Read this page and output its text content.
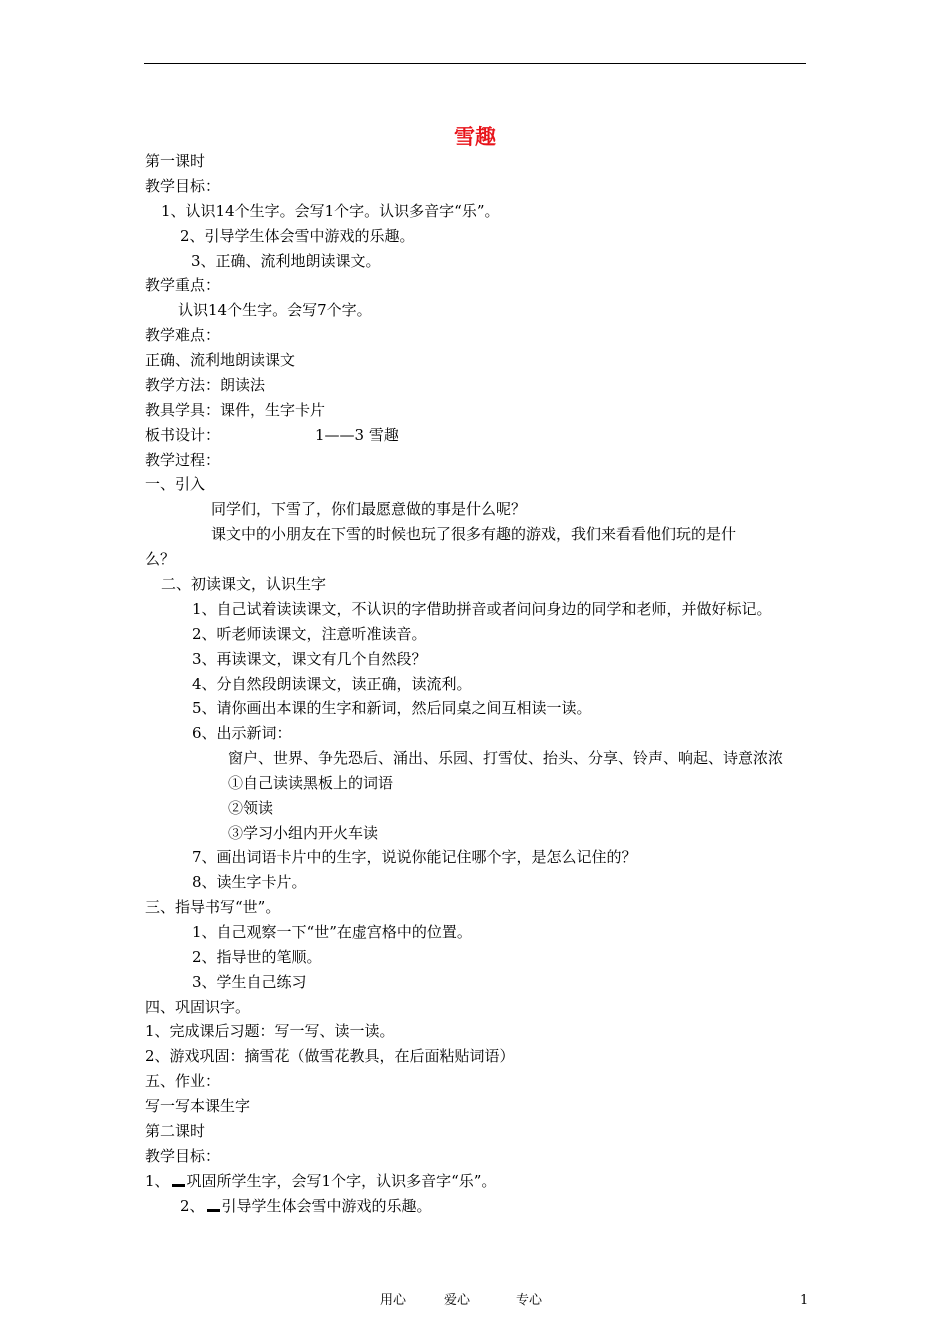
雪趣
第一课时
教学目标：
1、认识14个生字。会写1个字。认识多音字“乐”。
2、引导学生体会雪中游戏的乐趣。
3、正确、流利地朗读课文。
教学重点：
认识14个生字。会写7个字。
教学难点：
正确、流利地朗读课文
教学方法：朗读法
教具学具：课件，生字卡片
板书设计：	1——3 雪趣
教学过程：
一、引入
同学们，下雪了，你们最愿意做的事是什么呢？
课文中的小朋友在下雪的时候也玩了很多有趣的游戏，我们来看看他们玩的是什
么？
二、初读课文，认识生字
1、自己试着读读课文，不认识的字借助拼音或者问问身边的同学和老师，并做好标记。
2、听老师读课文，注意听准读音。
3、再读课文，课文有几个自然段？
4、分自然段朗读课文，读正确，读流利。
5、请你画出本课的生字和新词，然后同桌之间互相读一读。
6、出示新词：
窗户、世界、争先恐后、涌出、乐园、打雪仗、抬头、分享、铃声、响起、诗意浓浓
①自己读读黑板上的词语
②领读
③学习小组内开火车读
7、画出词语卡片中的生字，说说你能记住哪个字，是怎么记住的？
8、读生字卡片。
三、指导书写“世”。
1、自己观察一下“世”在虚宫格中的位置。
2、指导世的笔顺。
3、学生自己练习
四、巩固识字。
1、完成课后习题：写一写、读一读。
2、游戏巩固：摘雪花（做雪花教具，在后面粘贴词语）
五、作业：
写一写本课生字
第二课时
教学目标：
1、 巩固所学生字，会写1个字，认识多音字“乐”。
2、 引导学生体会雪中游戏的乐趣。
用心	爱心	专心	1
